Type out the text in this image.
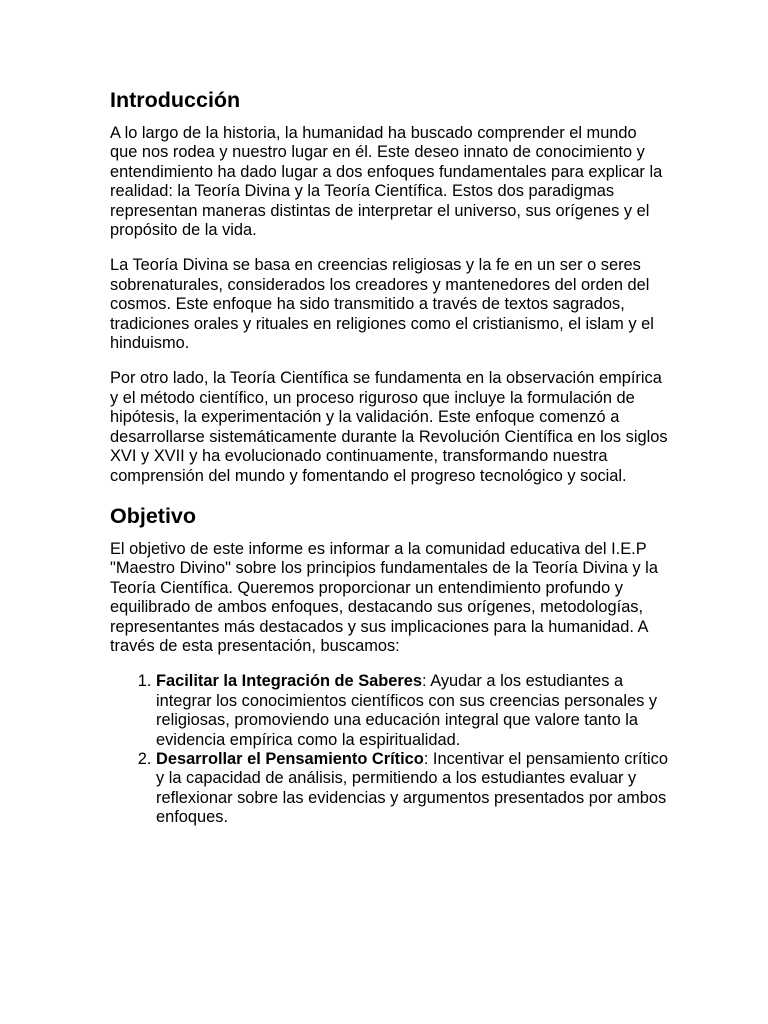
Introducción

A lo largo de la historia, la humanidad ha buscado comprender el mundo que nos rodea y nuestro lugar en él. Este deseo innato de conocimiento y entendimiento ha dado lugar a dos enfoques fundamentales para explicar la realidad: la Teoría Divina y la Teoría Científica. Estos dos paradigmas representan maneras distintas de interpretar el universo, sus orígenes y el propósito de la vida.

La Teoría Divina se basa en creencias religiosas y la fe en un ser o seres sobrenaturales, considerados los creadores y mantenedores del orden del cosmos. Este enfoque ha sido transmitido a través de textos sagrados, tradiciones orales y rituales en religiones como el cristianismo, el islam y el hinduismo.

Por otro lado, la Teoría Científica se fundamenta en la observación empírica y el método científico, un proceso riguroso que incluye la formulación de hipótesis, la experimentación y la validación. Este enfoque comenzó a desarrollarse sistemáticamente durante la Revolución Científica en los siglos XVI y XVII y ha evolucionado continuamente, transformando nuestra comprensión del mundo y fomentando el progreso tecnológico y social.

Objetivo

El objetivo de este informe es informar a la comunidad educativa del I.E.P "Maestro Divino" sobre los principios fundamentales de la Teoría Divina y la Teoría Científica. Queremos proporcionar un entendimiento profundo y equilibrado de ambos enfoques, destacando sus orígenes, metodologías, representantes más destacados y sus implicaciones para la humanidad. A través de esta presentación, buscamos:

1. Facilitar la Integración de Saberes: Ayudar a los estudiantes a integrar los conocimientos científicos con sus creencias personales y religiosas, promoviendo una educación integral que valore tanto la evidencia empírica como la espiritualidad.
2. Desarrollar el Pensamiento Crítico: Incentivar el pensamiento crítico y la capacidad de análisis, permitiendo a los estudiantes evaluar y reflexionar sobre las evidencias y argumentos presentados por ambos enfoques.
